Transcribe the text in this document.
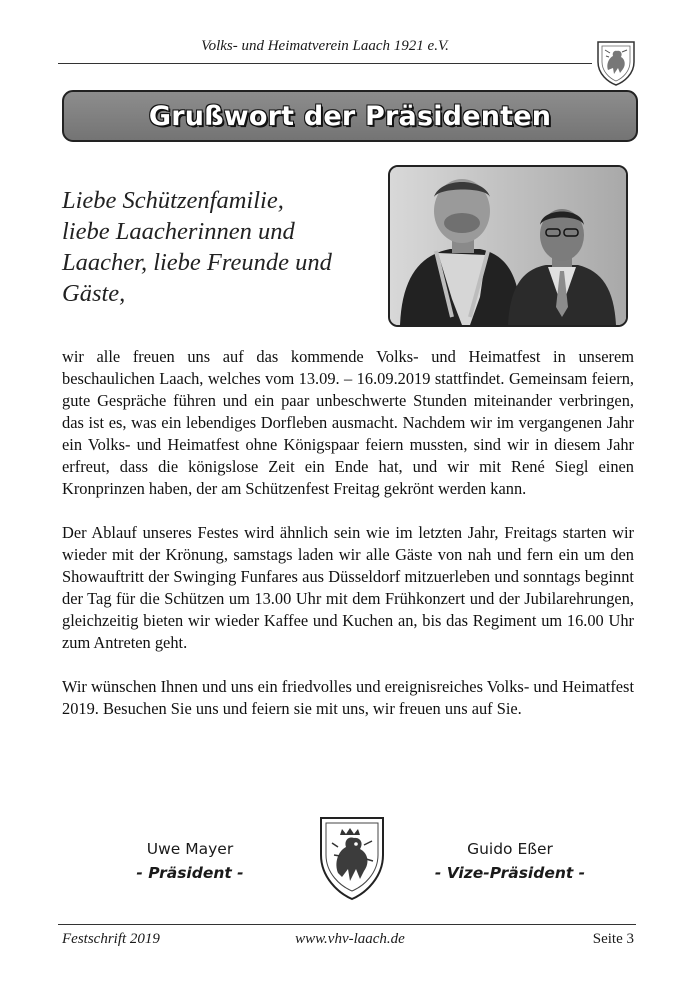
Volks- und Heimatverein Laach 1921 e.V.
Grußwort der Präsidenten
Liebe Schützenfamilie,
liebe Laacherinnen und
Laacher, liebe Freunde und
Gäste,

wir alle freuen uns auf das kommende Volks- und Heimatfest in unserem beschaulichen Laach, welches vom 13.09. – 16.09.2019 stattfindet. Gemeinsam feiern, gute Gespräche führen und ein paar unbeschwerte Stunden miteinander verbringen, das ist es, was ein lebendiges Dorfleben ausmacht. Nachdem wir im vergangenen Jahr ein Volks- und Heimatfest ohne Königspaar feiern mussten, sind wir in diesem Jahr erfreut, dass die königslose Zeit ein Ende hat, und wir mit René Siegl einen Kronprinzen haben, der am Schützenfest Freitag gekrönt werden kann.

Der Ablauf unseres Festes wird ähnlich sein wie im letzten Jahr, Freitags starten wir wieder mit der Krönung, samstags laden wir alle Gäste von nah und fern ein um den Showauftritt der Swinging Funfares aus Düsseldorf mitzuerleben und sonntags beginnt der Tag für die Schützen um 13.00 Uhr mit dem Frühkonzert und der Jubilarehrungen, gleichzeitig bieten wir wieder Kaffee und Kuchen an, bis das Regiment um 16.00 Uhr zum Antreten geht.

Wir wünschen Ihnen und uns ein friedvolles und ereignisreiches Volks- und Heimatfest 2019. Besuchen Sie uns und feiern sie mit uns, wir freuen uns auf Sie.

Uwe Mayer
- Präsident -
Guido Eßer
- Vize-Präsident -
Festschrift 2019	www.vhv-laach.de	Seite 3
